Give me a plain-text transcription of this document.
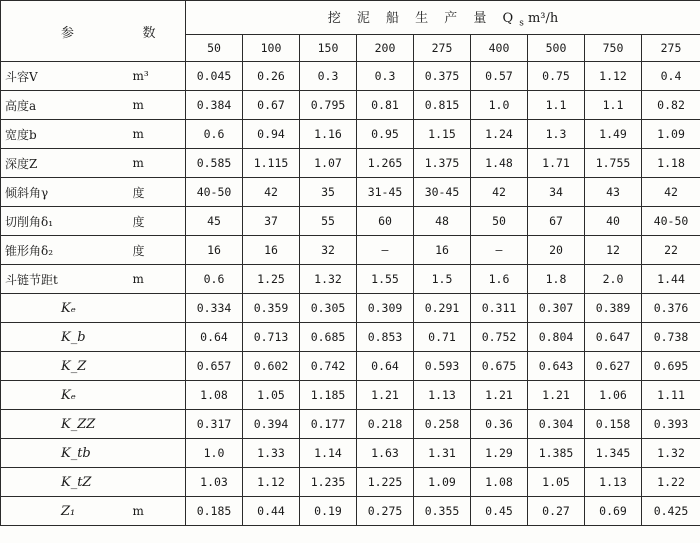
参	数	挖 泥 船 生 产 量 $Q_s$ m³/h								
		50	100	150	200	275	400	500	750	275
斗容V	m³	0.045	0.26	0.3	0.3	0.375	0.57	0.75	1.12	0.4
高度a	m	0.384	0.67	0.795	0.81	0.815	1.0	1.1	1.1	0.82
宽度b	m	0.6	0.94	1.16	0.95	1.15	1.24	1.3	1.49	1.09
深度Z	m	0.585	1.115	1.07	1.265	1.375	1.48	1.71	1.755	1.18
倾斜角γ	度	40-50	42	35	31-45	30-45	42	34	43	42
切削角δ₁	度	45	37	55	60	48	50	67	40	40-50
锥形角δ₂	度	16	16	32	—	16	—	20	12	22
斗链节距t	m	0.6	1.25	1.32	1.55	1.5	1.6	1.8	2.0	1.44
Kₑ		0.334	0.359	0.305	0.309	0.291	0.311	0.307	0.389	0.376
K_b		0.64	0.713	0.685	0.853	0.71	0.752	0.804	0.647	0.738
K_Z		0.657	0.602	0.742	0.64	0.593	0.675	0.643	0.627	0.695
Kₑ		1.08	1.05	1.185	1.21	1.13	1.21	1.21	1.06	1.11
K_ZZ		0.317	0.394	0.177	0.218	0.258	0.36	0.304	0.158	0.393
K_tb		1.0	1.33	1.14	1.63	1.31	1.29	1.385	1.345	1.32
K_tZ		1.03	1.12	1.235	1.225	1.09	1.08	1.05	1.13	1.22
Z₁	m	0.185	0.44	0.19	0.275	0.355	0.45	0.27	0.69	0.425
